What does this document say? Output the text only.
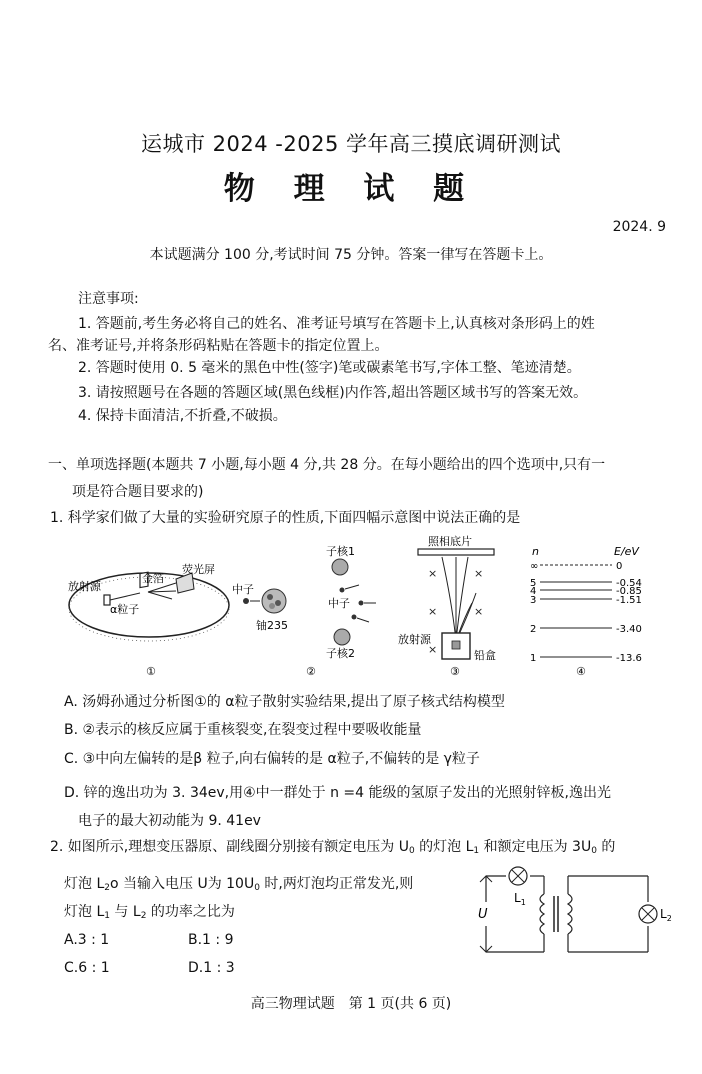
运城市 2024 -2025 学年高三摸底调研测试
物 理 试 题
2024. 9
本试题满分 100 分,考试时间 75 分钟。答案一律写在答题卡上。
注意事项:
1. 答题前,考生务必将自己的姓名、准考证号填写在答题卡上,认真核对条形码上的姓
名、准考证号,并将条形码粘贴在答题卡的指定位置上。
2. 答题时使用 0. 5 毫米的黑色中性(签字)笔或碳素笔书写,字体工整、笔迹清楚。
3. 请按照题号在各题的答题区域(黑色线框)内作答,超出答题区域书写的答案无效。
4. 保持卡面清洁,不折叠,不破损。
一、单项选择题(本题共 7 小题,每小题 4 分,共 28 分。在每小题给出的四个选项中,只有一
项是符合题目要求的)
1. 科学家们做了大量的实验研究原子的性质,下面四幅示意图中说法正确的是
放射源
金箔
α粒子
荧光屏
①
中子
铀235
子核1
中子
子核2
②
照相底片
×	×
×	×
×
放射源
铅盒
③
n	E/eV
∞	0
5	-0.54
4	-0.85
3	-1.51
2	-3.40
1	-13.6
④
A. 汤姆孙通过分析图①的 α粒子散射实验结果,提出了原子核式结构模型
B. ②表示的核反应属于重核裂变,在裂变过程中要吸收能量
C. ③中向左偏转的是β 粒子,向右偏转的是 α粒子,不偏转的是 γ粒子
D. 锌的逸出功为 3. 34ev,用④中一群处于 n =4 能级的氢原子发出的光照射锌板,逸出光
电子的最大初动能为 9. 41ev
2. 如图所示,理想变压器原、副线圈分别接有额定电压为 $U_0$ 的灯泡 $L_1$ 和额定电压为 $3U_0$ 的
灯泡 $L_2o$ 当输入电压 U为 $10U_0$ 时,两灯泡均正常发光,则
灯泡 $L_1$ 与 $L_2$ 的功率之比为
A.3 : 1	B.1 : 9
C.6 : 1	D.1 : 3
U
$L_1$
$L_2$
高三物理试题　第 1 页(共 6 页)
